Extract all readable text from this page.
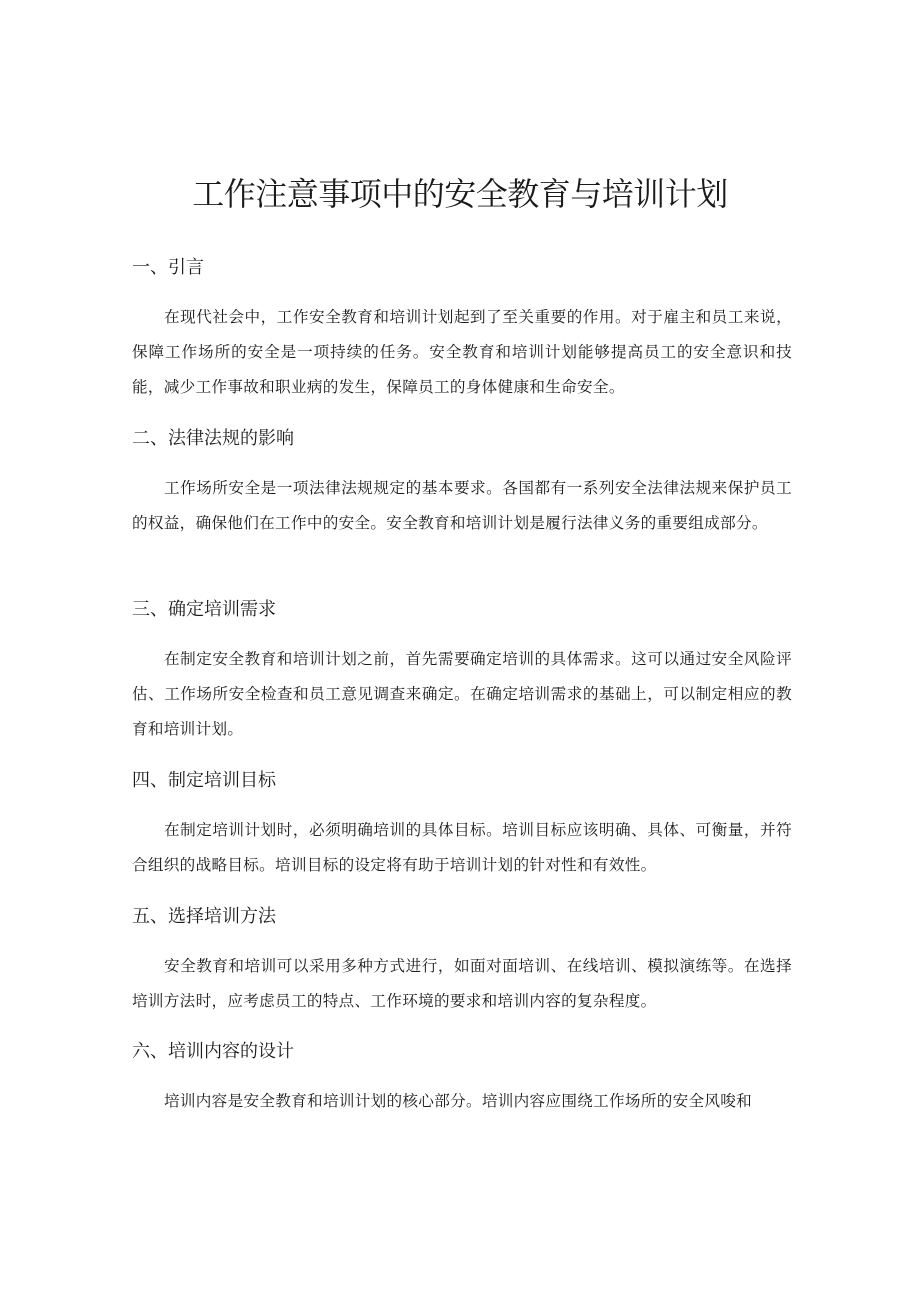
工作注意事项中的安全教育与培训计划
一、引言

在现代社会中，工作安全教育和培训计划起到了至关重要的作用。对于雇主和员工来说，保障工作场所的安全是一项持续的任务。安全教育和培训计划能够提高员工的安全意识和技能，减少工作事故和职业病的发生，保障员工的身体健康和生命安全。

二、法律法规的影响

工作场所安全是一项法律法规规定的基本要求。各国都有一系列安全法律法规来保护员工的权益，确保他们在工作中的安全。安全教育和培训计划是履行法律义务的重要组成部分。

三、确定培训需求

在制定安全教育和培训计划之前，首先需要确定培训的具体需求。这可以通过安全风险评估、工作场所安全检查和员工意见调查来确定。在确定培训需求的基础上，可以制定相应的教育和培训计划。

四、制定培训目标

在制定培训计划时，必须明确培训的具体目标。培训目标应该明确、具体、可衡量，并符合组织的战略目标。培训目标的设定将有助于培训计划的针对性和有效性。

五、选择培训方法

安全教育和培训可以采用多种方式进行，如面对面培训、在线培训、模拟演练等。在选择培训方法时，应考虑员工的特点、工作环境的要求和培训内容的复杂程度。

六、培训内容的设计

培训内容是安全教育和培训计划的核心部分。培训内容应围绕工作场所的安全风唆和
